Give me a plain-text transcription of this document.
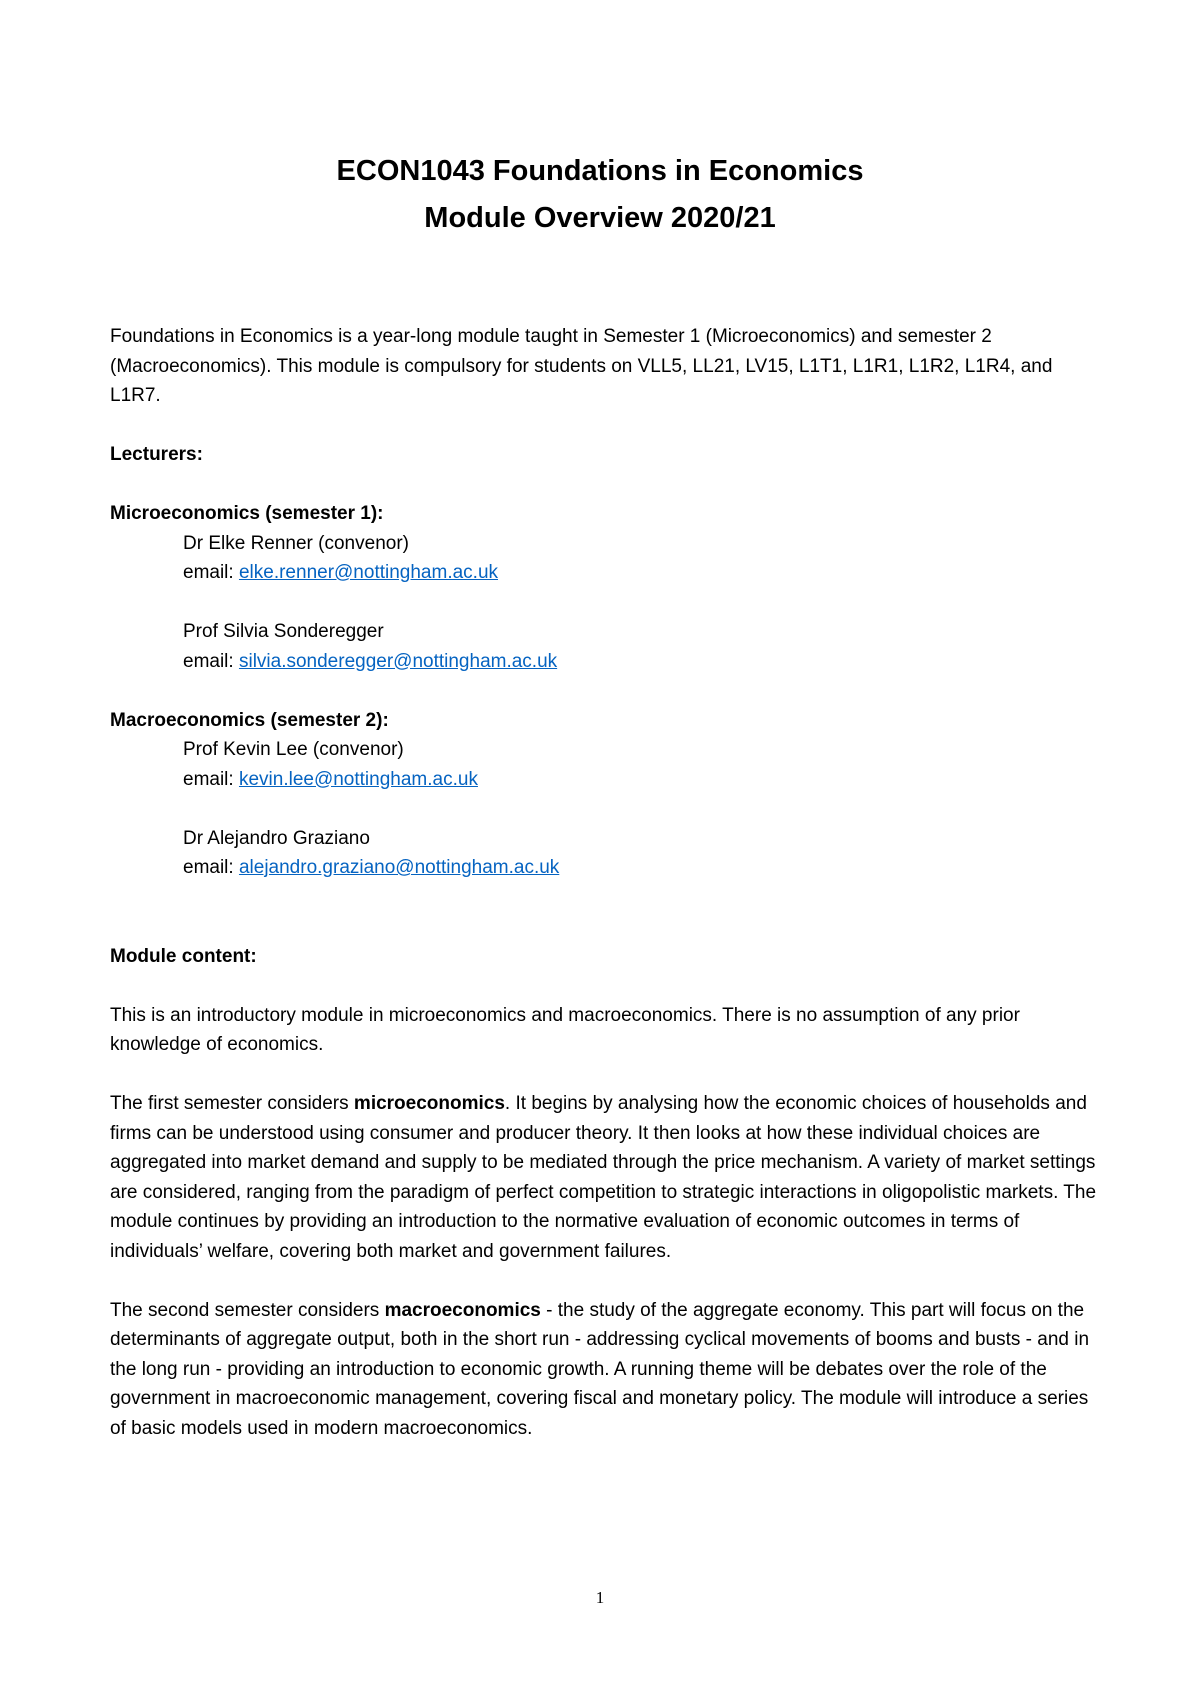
ECON1043 Foundations in Economics
Module Overview 2020/21

Foundations in Economics is a year-long module taught in Semester 1 (Microeconomics) and semester 2 (Macroeconomics). This module is compulsory for students on VLL5, LL21, LV15, L1T1, L1R1, L1R2, L1R4, and L1R7.

Lecturers:

Microeconomics (semester 1):

Dr Elke Renner (convenor)
email: elke.renner@nottingham.ac.uk
Prof Silvia Sonderegger
email: silvia.sonderegger@nottingham.ac.uk

Macroeconomics (semester 2):

Prof Kevin Lee (convenor)
email: kevin.lee@nottingham.ac.uk
Dr Alejandro Graziano
email: alejandro.graziano@nottingham.ac.uk

Module content:

This is an introductory module in microeconomics and macroeconomics. There is no assumption of any prior knowledge of economics.

The first semester considers microeconomics. It begins by analysing how the economic choices of households and firms can be understood using consumer and producer theory. It then looks at how these individual choices are aggregated into market demand and supply to be mediated through the price mechanism. A variety of market settings are considered, ranging from the paradigm of perfect competition to strategic interactions in oligopolistic markets. The module continues by providing an introduction to the normative evaluation of economic outcomes in terms of individuals’ welfare, covering both market and government failures.

The second semester considers macroeconomics - the study of the aggregate economy. This part will focus on the determinants of aggregate output, both in the short run - addressing cyclical movements of booms and busts - and in the long run - providing an introduction to economic growth. A running theme will be debates over the role of the government in macroeconomic management, covering fiscal and monetary policy. The module will introduce a series of basic models used in modern macroeconomics.

1
